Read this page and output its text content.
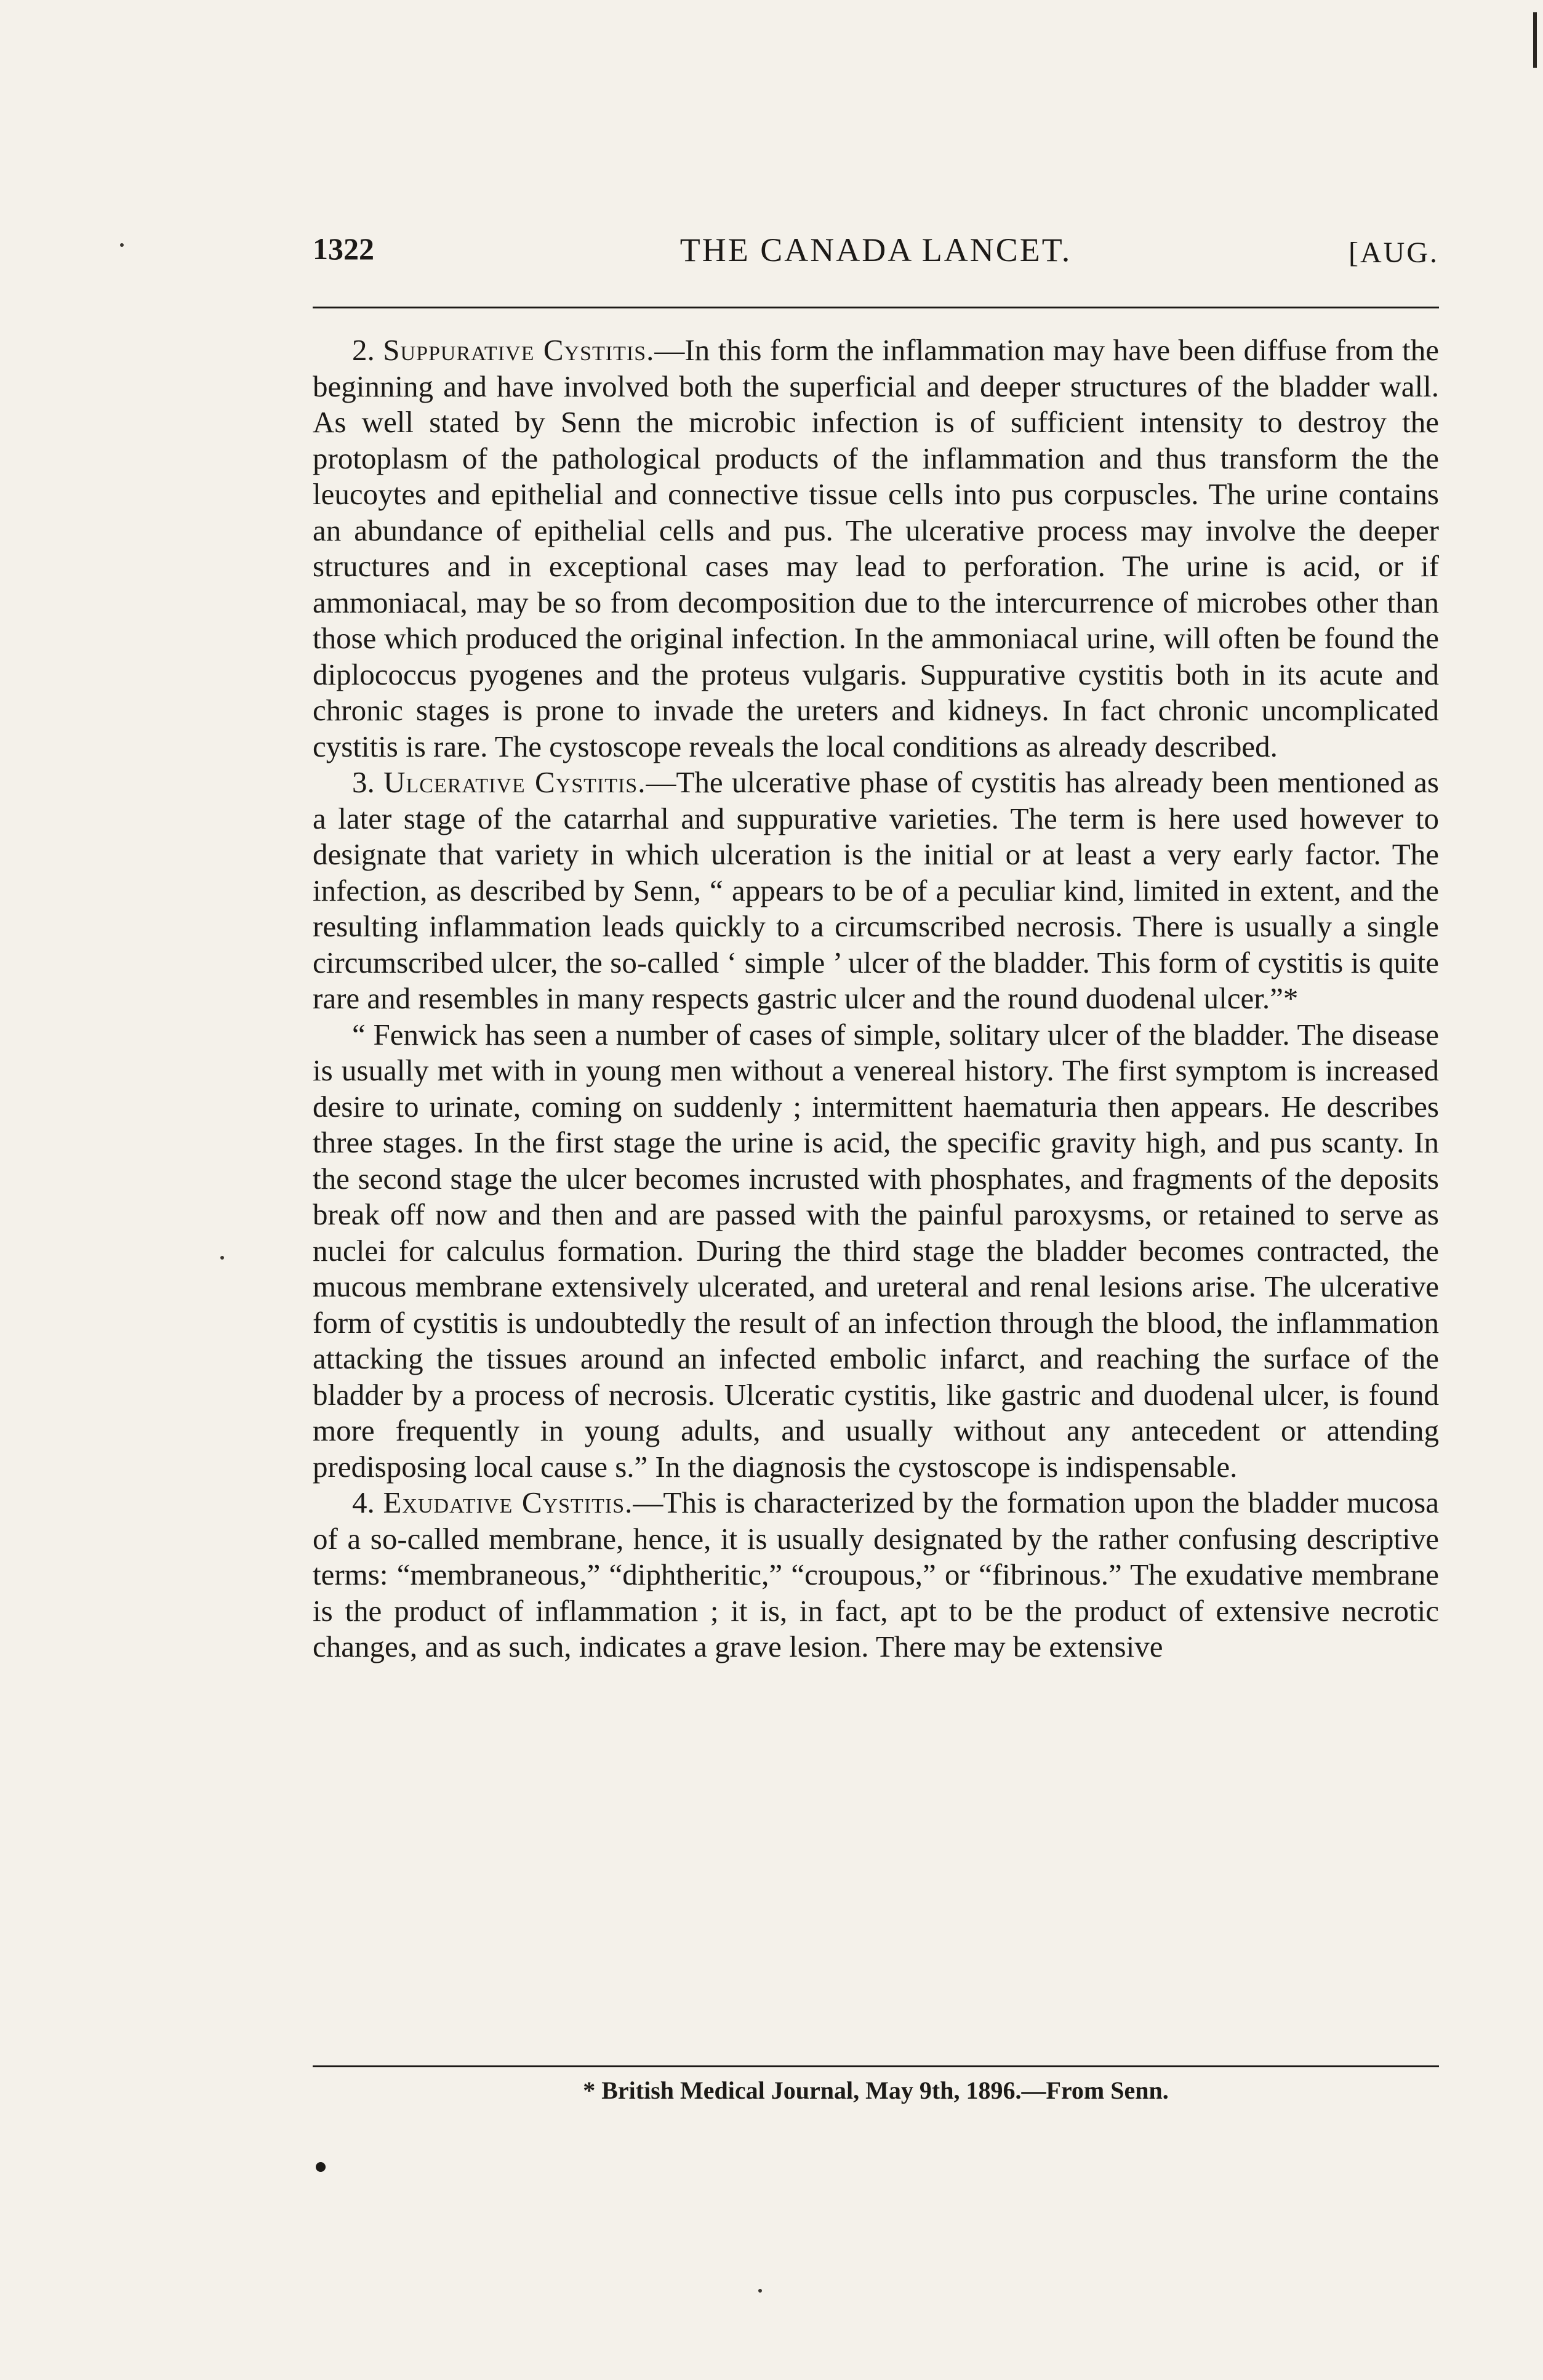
1322	THE CANADA LANCET.	[AUG.

2. Suppurative Cystitis.—In this form the inflammation may have been diffuse from the beginning and have involved both the superficial and deeper structures of the bladder wall. As well stated by Senn the microbic infection is of sufficient intensity to destroy the protoplasm of the pathological products of the inflammation and thus transform the the leucoytes and epithelial and connective tissue cells into pus corpuscles. The urine contains an abundance of epithelial cells and pus. The ulcerative process may involve the deeper structures and in exceptional cases may lead to perforation. The urine is acid, or if ammoniacal, may be so from decomposition due to the intercurrence of microbes other than those which produced the original infection. In the ammoniacal urine, will often be found the diplococcus pyogenes and the proteus vulgaris. Suppurative cystitis both in its acute and chronic stages is prone to invade the ureters and kidneys. In fact chronic uncomplicated cystitis is rare. The cystoscope reveals the local conditions as already described.

3. Ulcerative Cystitis.—The ulcerative phase of cystitis has already been mentioned as a later stage of the catarrhal and suppurative varieties. The term is here used however to designate that variety in which ulceration is the initial or at least a very early factor. The infection, as described by Senn, “ appears to be of a peculiar kind, limited in extent, and the resulting inflammation leads quickly to a circumscribed necrosis. There is usually a single circumscribed ulcer, the so-called ‘ simple ’ ulcer of the bladder. This form of cystitis is quite rare and resembles in many respects gastric ulcer and the round duodenal ulcer.”*

“ Fenwick has seen a number of cases of simple, solitary ulcer of the bladder. The disease is usually met with in young men without a venereal history. The first symptom is increased desire to urinate, coming on suddenly ; intermittent haematuria then appears. He describes three stages. In the first stage the urine is acid, the specific gravity high, and pus scanty. In the second stage the ulcer becomes incrusted with phosphates, and fragments of the deposits break off now and then and are passed with the painful paroxysms, or retained to serve as nuclei for calculus formation. During the third stage the bladder becomes contracted, the mucous membrane extensively ulcerated, and ureteral and renal lesions arise. The ulcerative form of cystitis is undoubtedly the result of an infection through the blood, the inflammation attacking the tissues around an infected embolic infarct, and reaching the surface of the bladder by a process of necrosis. Ulceratic cystitis, like gastric and duodenal ulcer, is found more frequently in young adults, and usually without any antecedent or attending predisposing local cause s.” In the diagnosis the cystoscope is indispensable.

4. Exudative Cystitis.—This is characterized by the formation upon the bladder mucosa of a so-called membrane, hence, it is usually designated by the rather confusing descriptive terms: “membraneous,” “diphtheritic,” “croupous,” or “fibrinous.” The exudative membrane is the product of inflammation ; it is, in fact, apt to be the product of extensive necrotic changes, and as such, indicates a grave lesion. There may be extensive

* British Medical Journal, May 9th, 1896.—From Senn.
